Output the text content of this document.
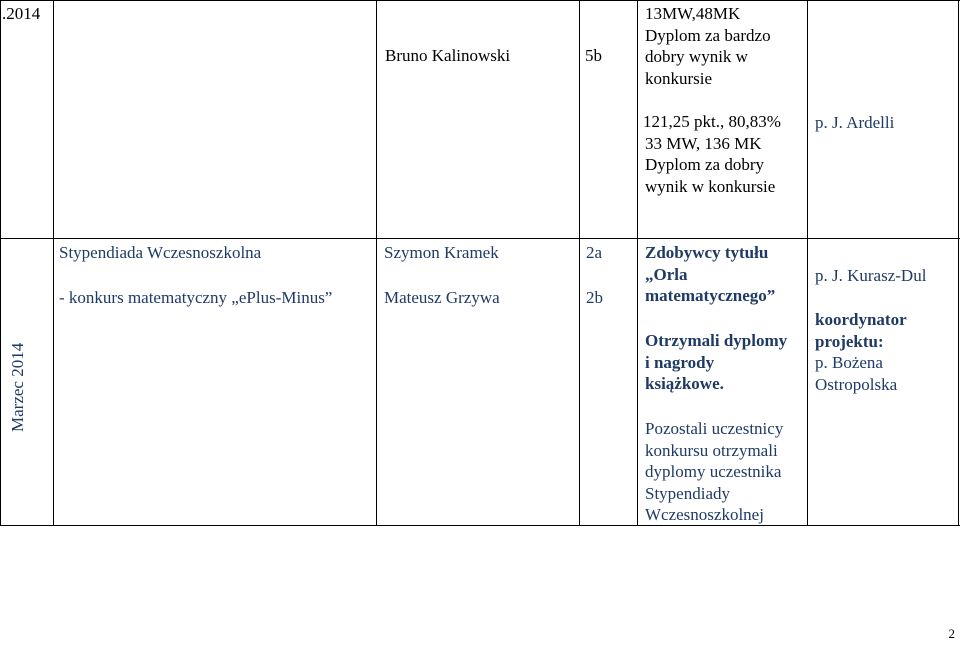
.2014
Bruno Kalinowski	5b
13MW,48MK
Dyplom za bardzo
dobry wynik w
konkursie
121,25 pkt., 80,83%
33 MW, 136 MK
Dyplom za dobry
wynik w konkursie
p. J. Ardelli
Marzec 2014
Stypendiada Wczesnoszkolna
- konkurs matematyczny „ePlus-Minus”
Szymon Kramek
Mateusz Grzywa
2a
2b
Zdobywcy tytułu
„Orla
matematycznego”
Otrzymali dyplomy
i nagrody
książkowe.
Pozostali uczestnicy
konkursu otrzymali
dyplomy uczestnika
Stypendiady
Wczesnoszkolnej
p. J. Kurasz-Dul
koordynator
projektu:
p. Bożena
Ostropolska
2
